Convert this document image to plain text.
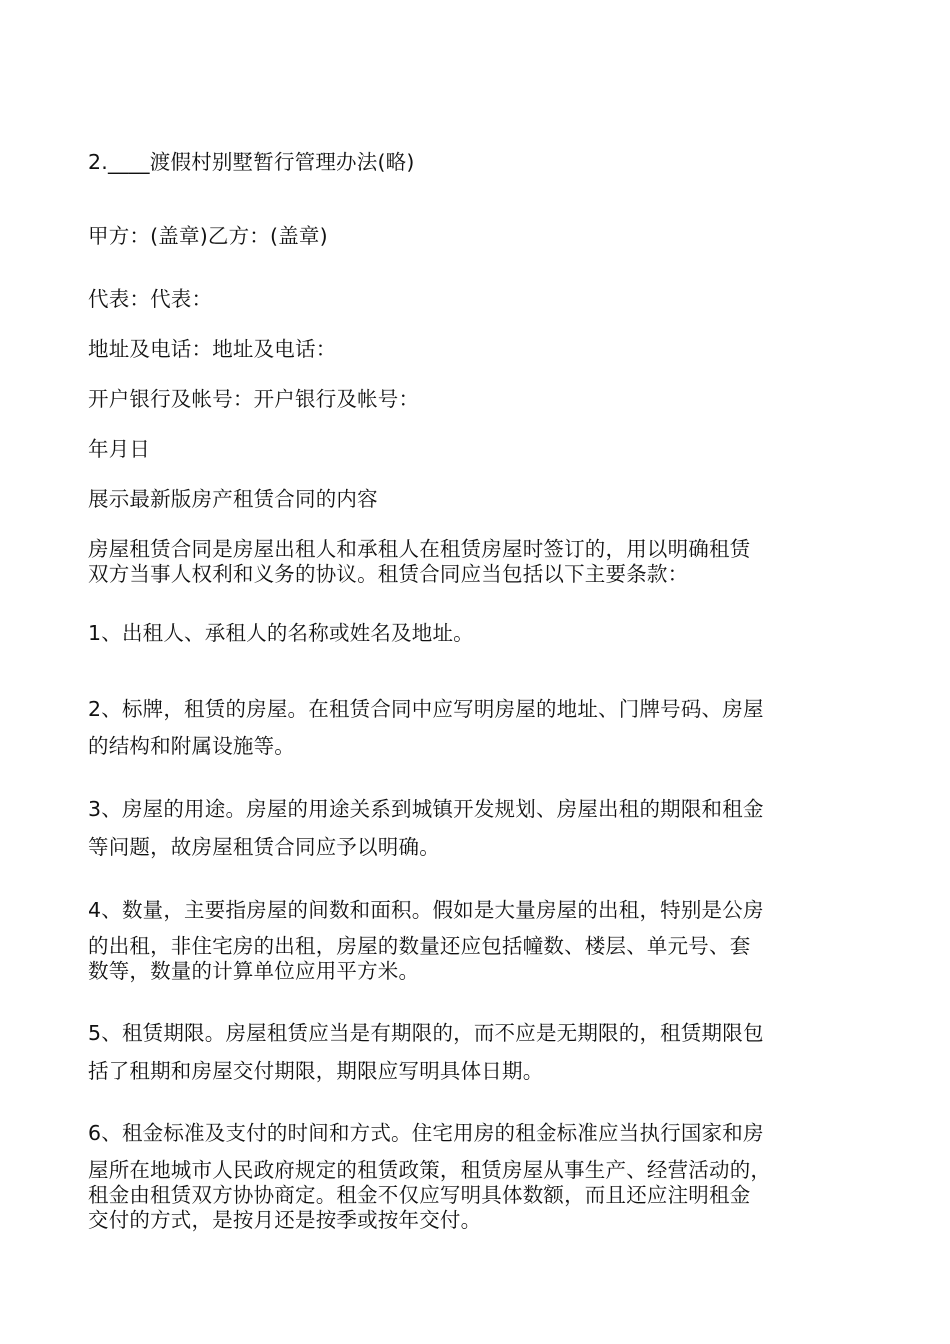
2.____渡假村别墅暂行管理办法(略)
甲方：(盖章)乙方：(盖章)
代表：代表：
地址及电话：地址及电话：
开户银行及帐号：开户银行及帐号：
年月日
展示最新版房产租赁合同的内容
房屋租赁合同是房屋出租人和承租人在租赁房屋时签订的，用以明确租赁
双方当事人权利和义务的协议。租赁合同应当包括以下主要条款：
1、出租人、承租人的名称或姓名及地址。
2、标牌，租赁的房屋。在租赁合同中应写明房屋的地址、门牌号码、房屋
的结构和附属设施等。
3、房屋的用途。房屋的用途关系到城镇开发规划、房屋出租的期限和租金
等问题，故房屋租赁合同应予以明确。
4、数量，主要指房屋的间数和面积。假如是大量房屋的出租，特别是公房
的出租，非住宅房的出租，房屋的数量还应包括幢数、楼层、单元号、套
数等，数量的计算单位应用平方米。
5、租赁期限。房屋租赁应当是有期限的，而不应是无期限的，租赁期限包
括了租期和房屋交付期限，期限应写明具体日期。
6、租金标准及支付的时间和方式。住宅用房的租金标准应当执行国家和房
屋所在地城市人民政府规定的租赁政策，租赁房屋从事生产、经营活动的，
租金由租赁双方协协商定。租金不仅应写明具体数额，而且还应注明租金
交付的方式，是按月还是按季或按年交付。
